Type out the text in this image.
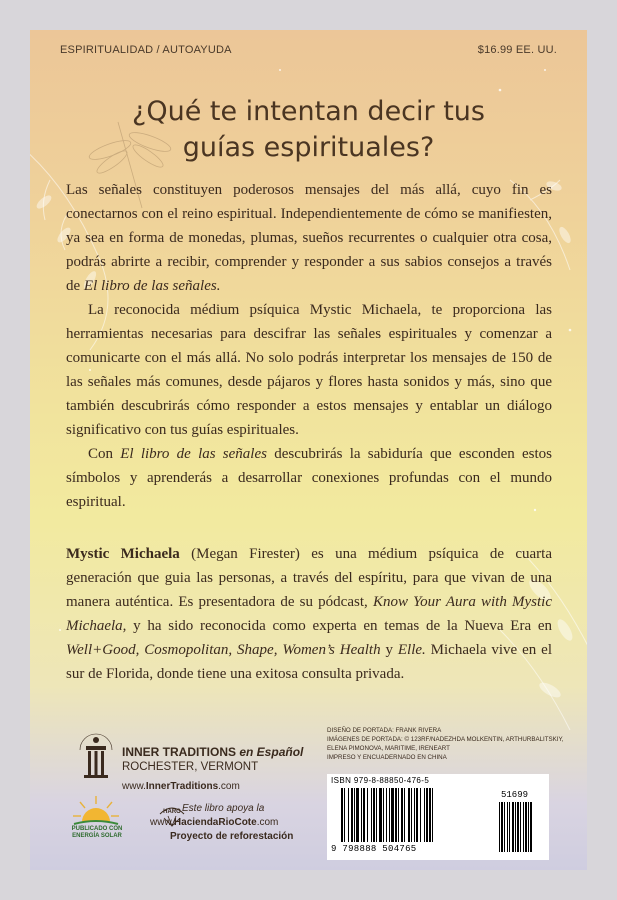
ESPIRITUALIDAD / AUTOAYUDA	$16.99 EE. UU.
¿Qué te intentan decir tus
guías espirituales?

Las señales constituyen poderosos mensajes del más allá, cuyo fin es conectarnos con el reino espiritual. Independientemente de cómo se manifiesten, ya sea en forma de monedas, plumas, sueños recurrentes o cualquier otra cosa, podrás abrirte a recibir, comprender y responder a sus sabios consejos a través de El libro de las señales.

La reconocida médium psíquica Mystic Michaela, te proporciona las herramientas necesarias para descifrar las señales espirituales y comenzar a comunicarte con el más allá. No solo podrás interpretar los mensajes de 150 de las señales más comunes, desde pájaros y flores hasta sonidos y más, sino que también descubrirás cómo responder a estos mensajes y entablar un diálogo significativo con tus guías espirituales.

Con El libro de las señales descubrirás la sabiduría que esconden estos símbolos y aprenderás a desarrollar conexiones profundas con el mundo espiritual.

Mystic Michaela (Megan Firester) es una médium psíquica de cuarta generación que guia las personas, a través del espíritu, para que vivan de una manera auténtica. Es presentadora de su pódcast, Know Your Aura with Mystic Michaela, y ha sido reconocida como experta en temas de la Nueva Era en Well+Good, Cosmopolitan, Shape, Women’s Health y Elle. Michaela vive en el sur de Florida, donde tiene una exitosa consulta privada.

INNER TRADITIONS en Español
ROCHESTER, VERMONT
www.InnerTraditions.com
PUBLICADO CON
ENERGÍA SOLAR
HARO Este libro apoya la
www.HaciendaRioCote.com
Proyecto de reforestación
DISEÑO DE PORTADA: FRANK RIVERA
IMÁGENES DE PORTADA: © 123RF/NADEZHDA MOLKENTIN, ARTHURBALITSKIY,
ELENA PIMONOVA, MARITIME, IRENEART
IMPRESO Y ENCUADERNADO EN CHINA
ISBN 979-8-88850-476-5
9 798888 504765
51699
